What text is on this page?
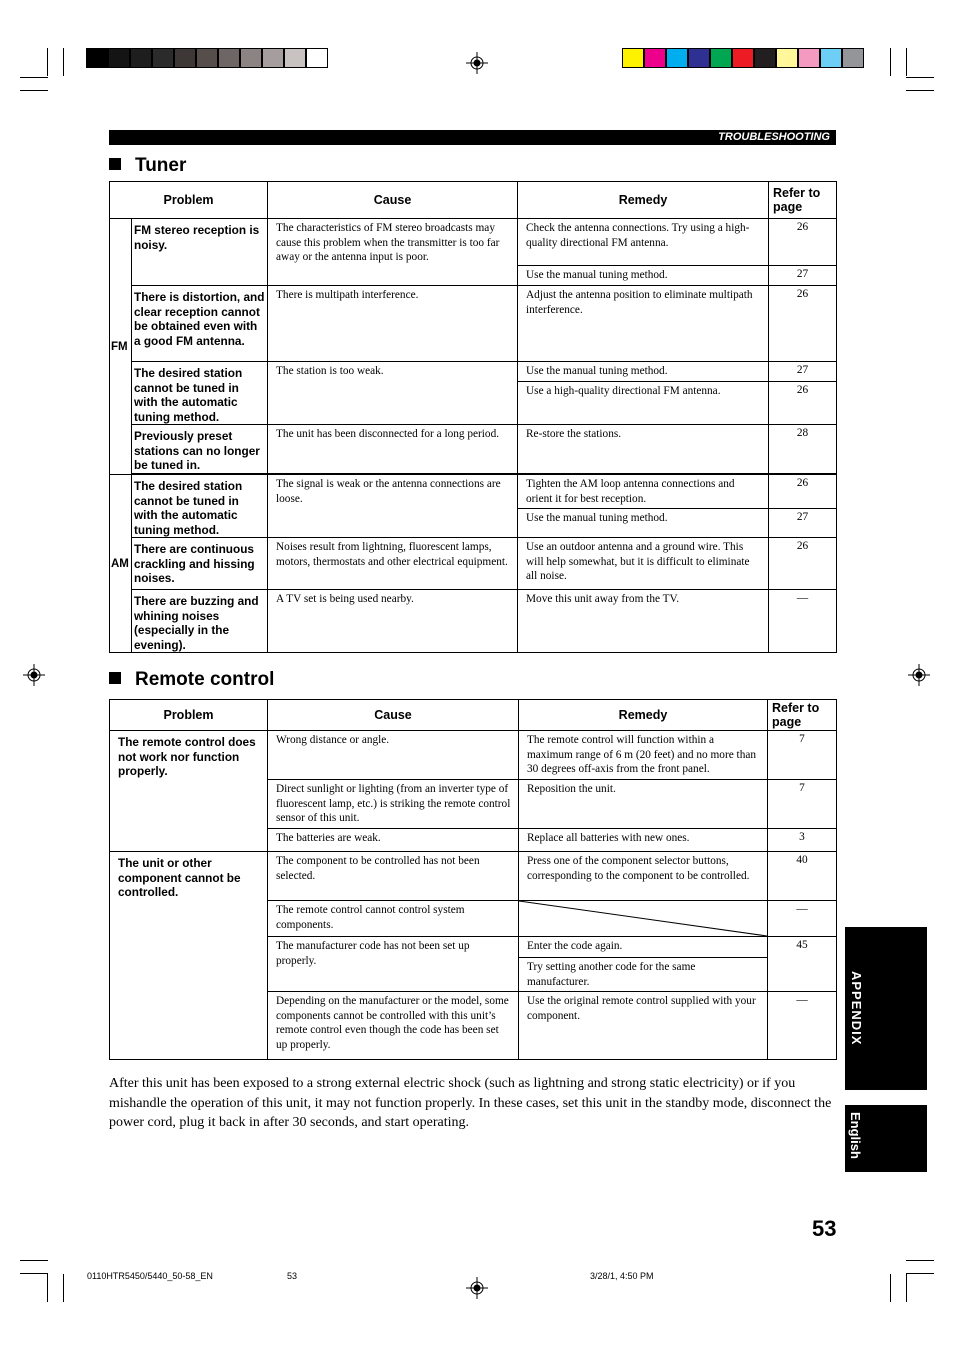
TROUBLESHOOTING
Tuner
Problem		Cause	Remedy	Refer to page
FM	FM stereo reception is noisy.	The characteristics of FM stereo broadcasts may cause this problem when the transmitter is too far away or the antenna input is poor.	Check the antenna connections. Try using a high-quality directional FM antenna.	26
			Use the manual tuning method.	27
	There is distortion, and clear reception cannot be obtained even with a good FM antenna.	There is multipath interference.	Adjust the antenna position to eliminate multipath interference.	26
	The desired station cannot be tuned in with the automatic tuning method.	The station is too weak.	Use the manual tuning method.	27
			Use a high-quality directional FM antenna.	26
	Previously preset stations can no longer be tuned in.	The unit has been disconnected for a long period.	Re-store the stations.	28

AM	The desired station cannot be tuned in with the automatic tuning method.	The signal is weak or the antenna connections are loose.	Tighten the AM loop antenna connections and orient it for best reception.	26
			Use the manual tuning method.	27
	There are continuous crackling and hissing noises.	Noises result from lightning, fluorescent lamps, motors, thermostats and other electrical equipment.	Use an outdoor antenna and a ground wire. This will help somewhat, but it is difficult to eliminate all noise.	26
	There are buzzing and whining noises (especially in the evening).	A TV set is being used nearby.	Move this unit away from the TV.	—
Remote control
Problem	Cause	Remedy	Refer to page
The remote control does not work nor function properly.	Wrong distance or angle.	The remote control will function within a maximum range of 6 m (20 feet) and no more than 30 degrees off-axis from the front panel.	7
	Direct sunlight or lighting (from an inverter type of fluorescent lamp, etc.) is striking the remote control sensor of this unit.	Reposition the unit.	7
	The batteries are weak.	Replace all batteries with new ones.	3
The unit or other component cannot be controlled.	The component to be controlled has not been selected.	Press one of the component selector buttons, corresponding to the component to be controlled.	40
	The remote control cannot control system components.		—
	The manufacturer code has not been set up properly.	Enter the code again.	45
		Try setting another code for the same manufacturer.	
	Depending on the manufacturer or the model, some components cannot be controlled with this unit’s remote control even though the code has been set up properly.	Use the original remote control supplied with your component.	—
After this unit has been exposed to a strong external electric shock (such as lightning and strong static electricity) or if you mishandle the operation of this unit, it may not function properly. In these cases, set this unit in the standby mode, disconnect the power cord, plug it back in after 30 seconds, and start operating.
APPENDIX
English
53
0110HTR5450/5440_50-58_EN	53	3/28/1, 4:50 PM
